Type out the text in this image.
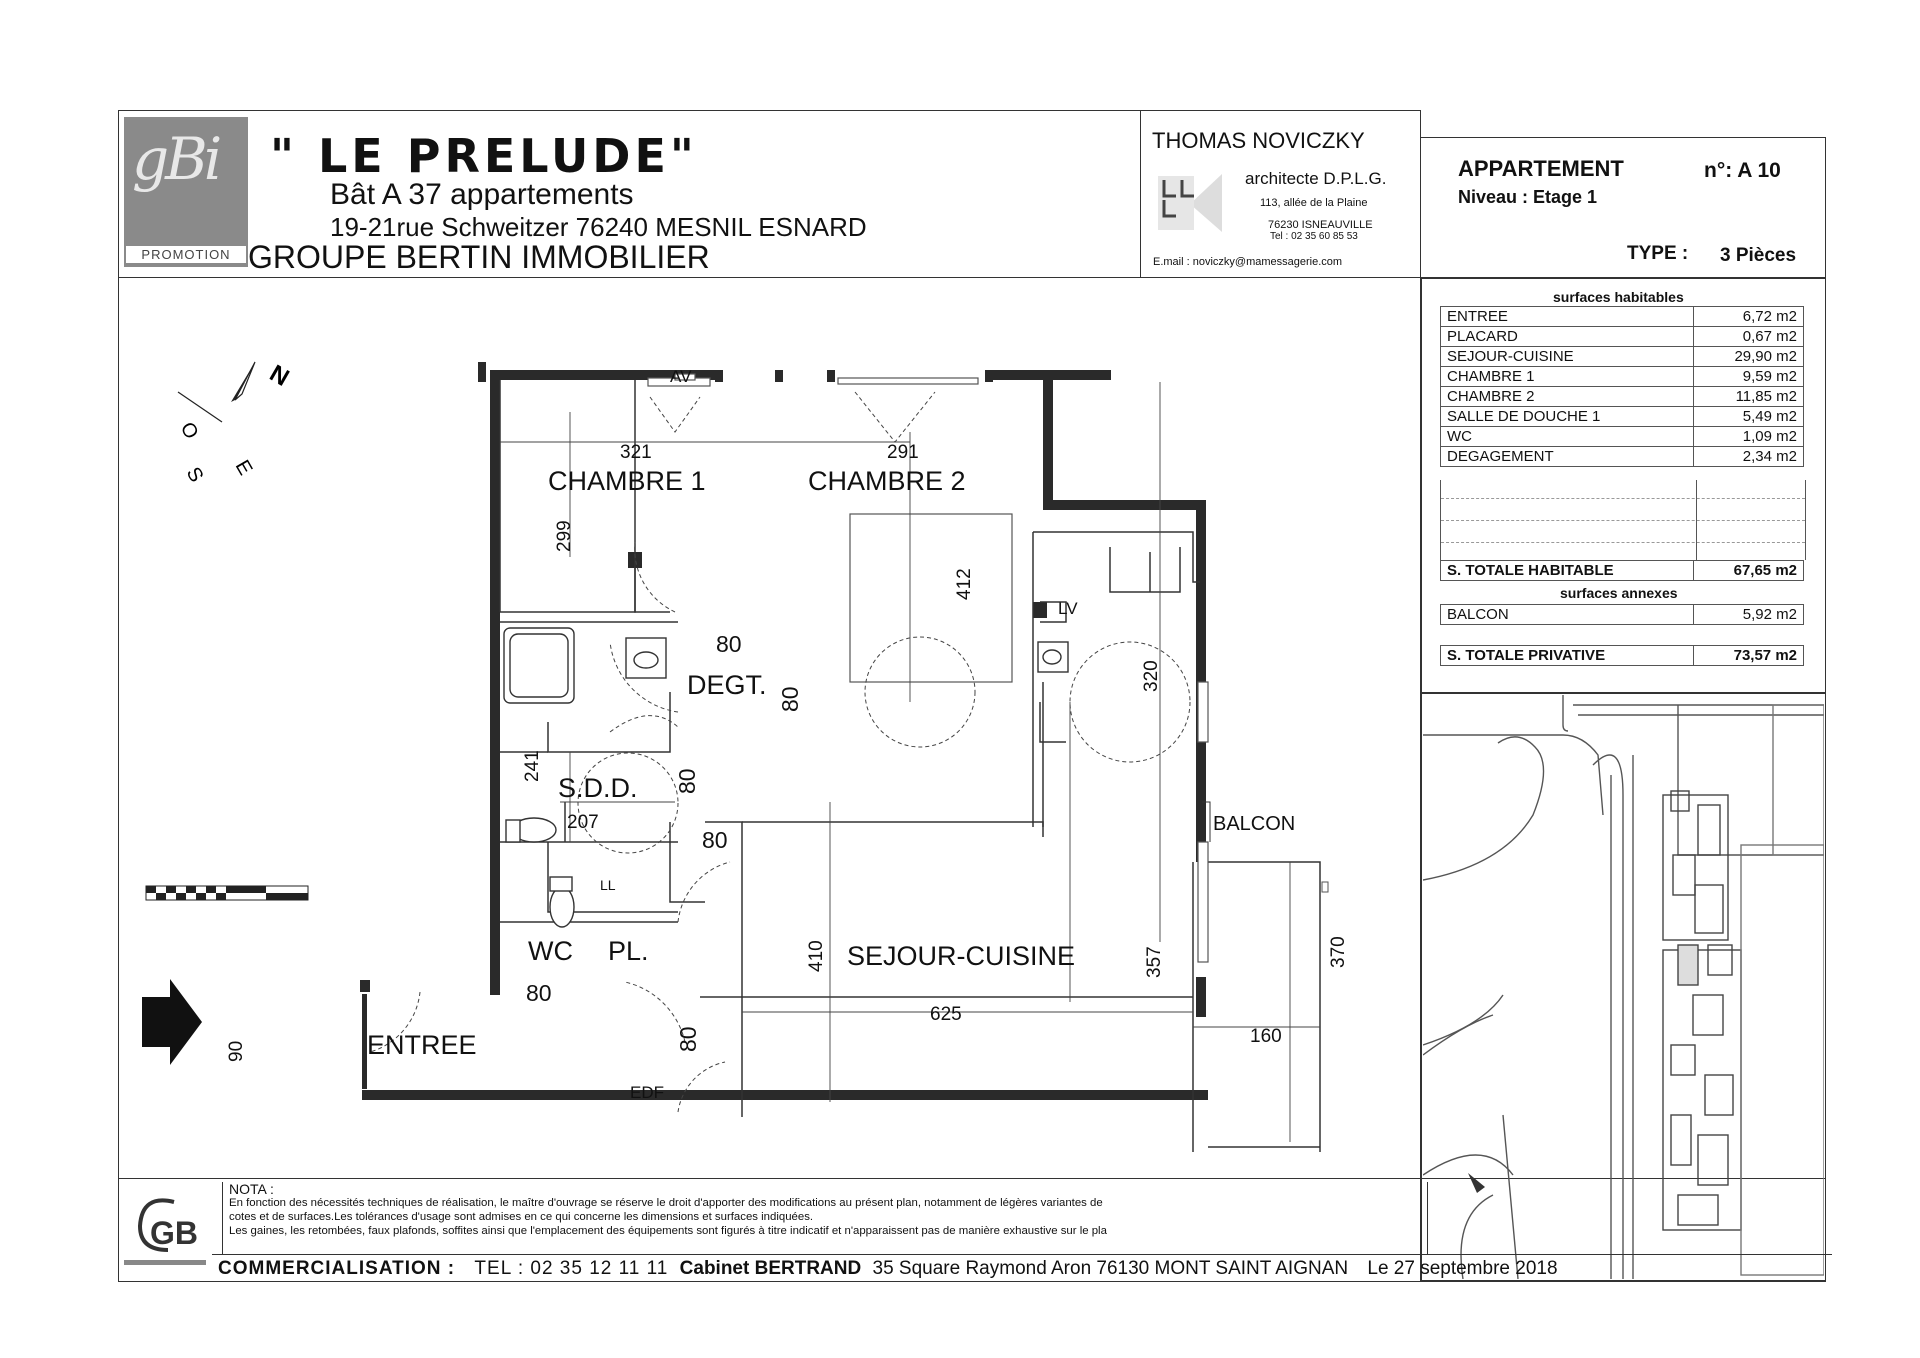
gBi
PROMOTION
" LE PRELUDE"
Bât A 37 appartements
19-21rue Schweitzer 76240 MESNIL ESNARD
GROUPE BERTIN IMMOBILIER
THOMAS NOVICZKY
architecte D.P.L.G.
113, allée de la Plaine
76230 ISNEAUVILLE
Tel : 02 35 60 85 53
E.mail : noviczky@mamessagerie.com
APPARTEMENT	n°: A 10
Niveau : Etage 1
TYPE : 3 Pièces
surfaces habitables
ENTREE	6,72 m2
PLACARD	0,67 m2
SEJOUR-CUISINE	29,90 m2
CHAMBRE 1	9,59 m2
CHAMBRE 2	11,85 m2
SALLE DE DOUCHE 1	5,49 m2
WC	1,09 m2
DEGAGEMENT	2,34 m2
S. TOTALE HABITABLE	67,65 m2
surfaces annexes
BALCON	5,92 m2
S. TOTALE PRIVATIVE	73,57 m2
N
O
S E	CHAMBRE 1	CHAMBRE 2
DEGT.
S.D.D.
SEJOUR-CUISINE
ENTREE
WC PL.
BALCON
LV
LL
EDF
AV
321	291
299
412
320
241
207
410	357	370
625
160
90
80
80
80
80
80
80
GB
NOTA :
En fonction des nécessités techniques de réalisation, le maître d'ouvrage se réserve le droit d'apporter des modifications au présent plan, notamment de légères variantes de
cotes et de surfaces.Les tolérances d'usage sont admises en ce qui concerne les dimensions et surfaces indiquées.
Les gaines, les retombées, faux plafonds, soffites ainsi que l'emplacement des équipements sont figurés à titre indicatif et n'apparaissent pas de manière exhaustive sur le pla
COMMERCIALISATION : TEL : 02 35 12 11 11 Cabinet BERTRAND 35 Square Raymond Aron 76130 MONT SAINT AIGNAN Le 27 septembre 2018
